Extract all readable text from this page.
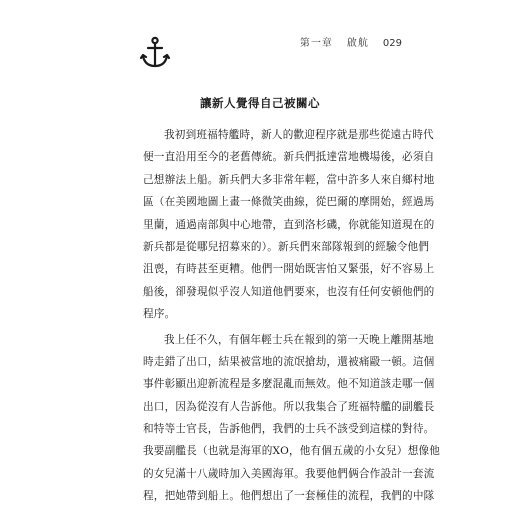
第一章 啟航 029
讓新人覺得自己被關心
我初到班福特艦時，新人的歡迎程序就是那些從遠古時代
便一直沿用至今的老舊傳統。新兵們抵達當地機場後，必須自
己想辦法上船。新兵們大多非常年輕，當中許多人來自鄉村地
區（在美國地圖上畫一條微笑曲線，從巴爾的摩開始，經過馬
里蘭，通過南部與中心地帶，直到洛杉磯，你就能知道現在的
新兵都是從哪兒招募來的）。新兵們來部隊報到的經驗令他們
沮喪，有時甚至更糟。他們一開始既害怕又緊張，好不容易上
船後，卻發現似乎沒人知道他們要來，也沒有任何安頓他們的
程序。
我上任不久，有個年輕士兵在報到的第一天晚上離開基地
時走錯了出口，結果被當地的流氓搶劫，還被痛毆一頓。這個
事件彰顯出迎新流程是多麼混亂而無效。他不知道該走哪一個
出口，因為從沒有人告訴他。所以我集合了班福特艦的副艦長
和特等士官長，告訴他們，我們的士兵不該受到這樣的對待。
我要副艦長（也就是海軍的XO，他有個五歲的小女兒）想像他
的女兒滿十八歲時加入美國海軍。我要他們俩合作設計一套流
程，把她帶到船上。他們想出了一套極佳的流程，我們的中隊
